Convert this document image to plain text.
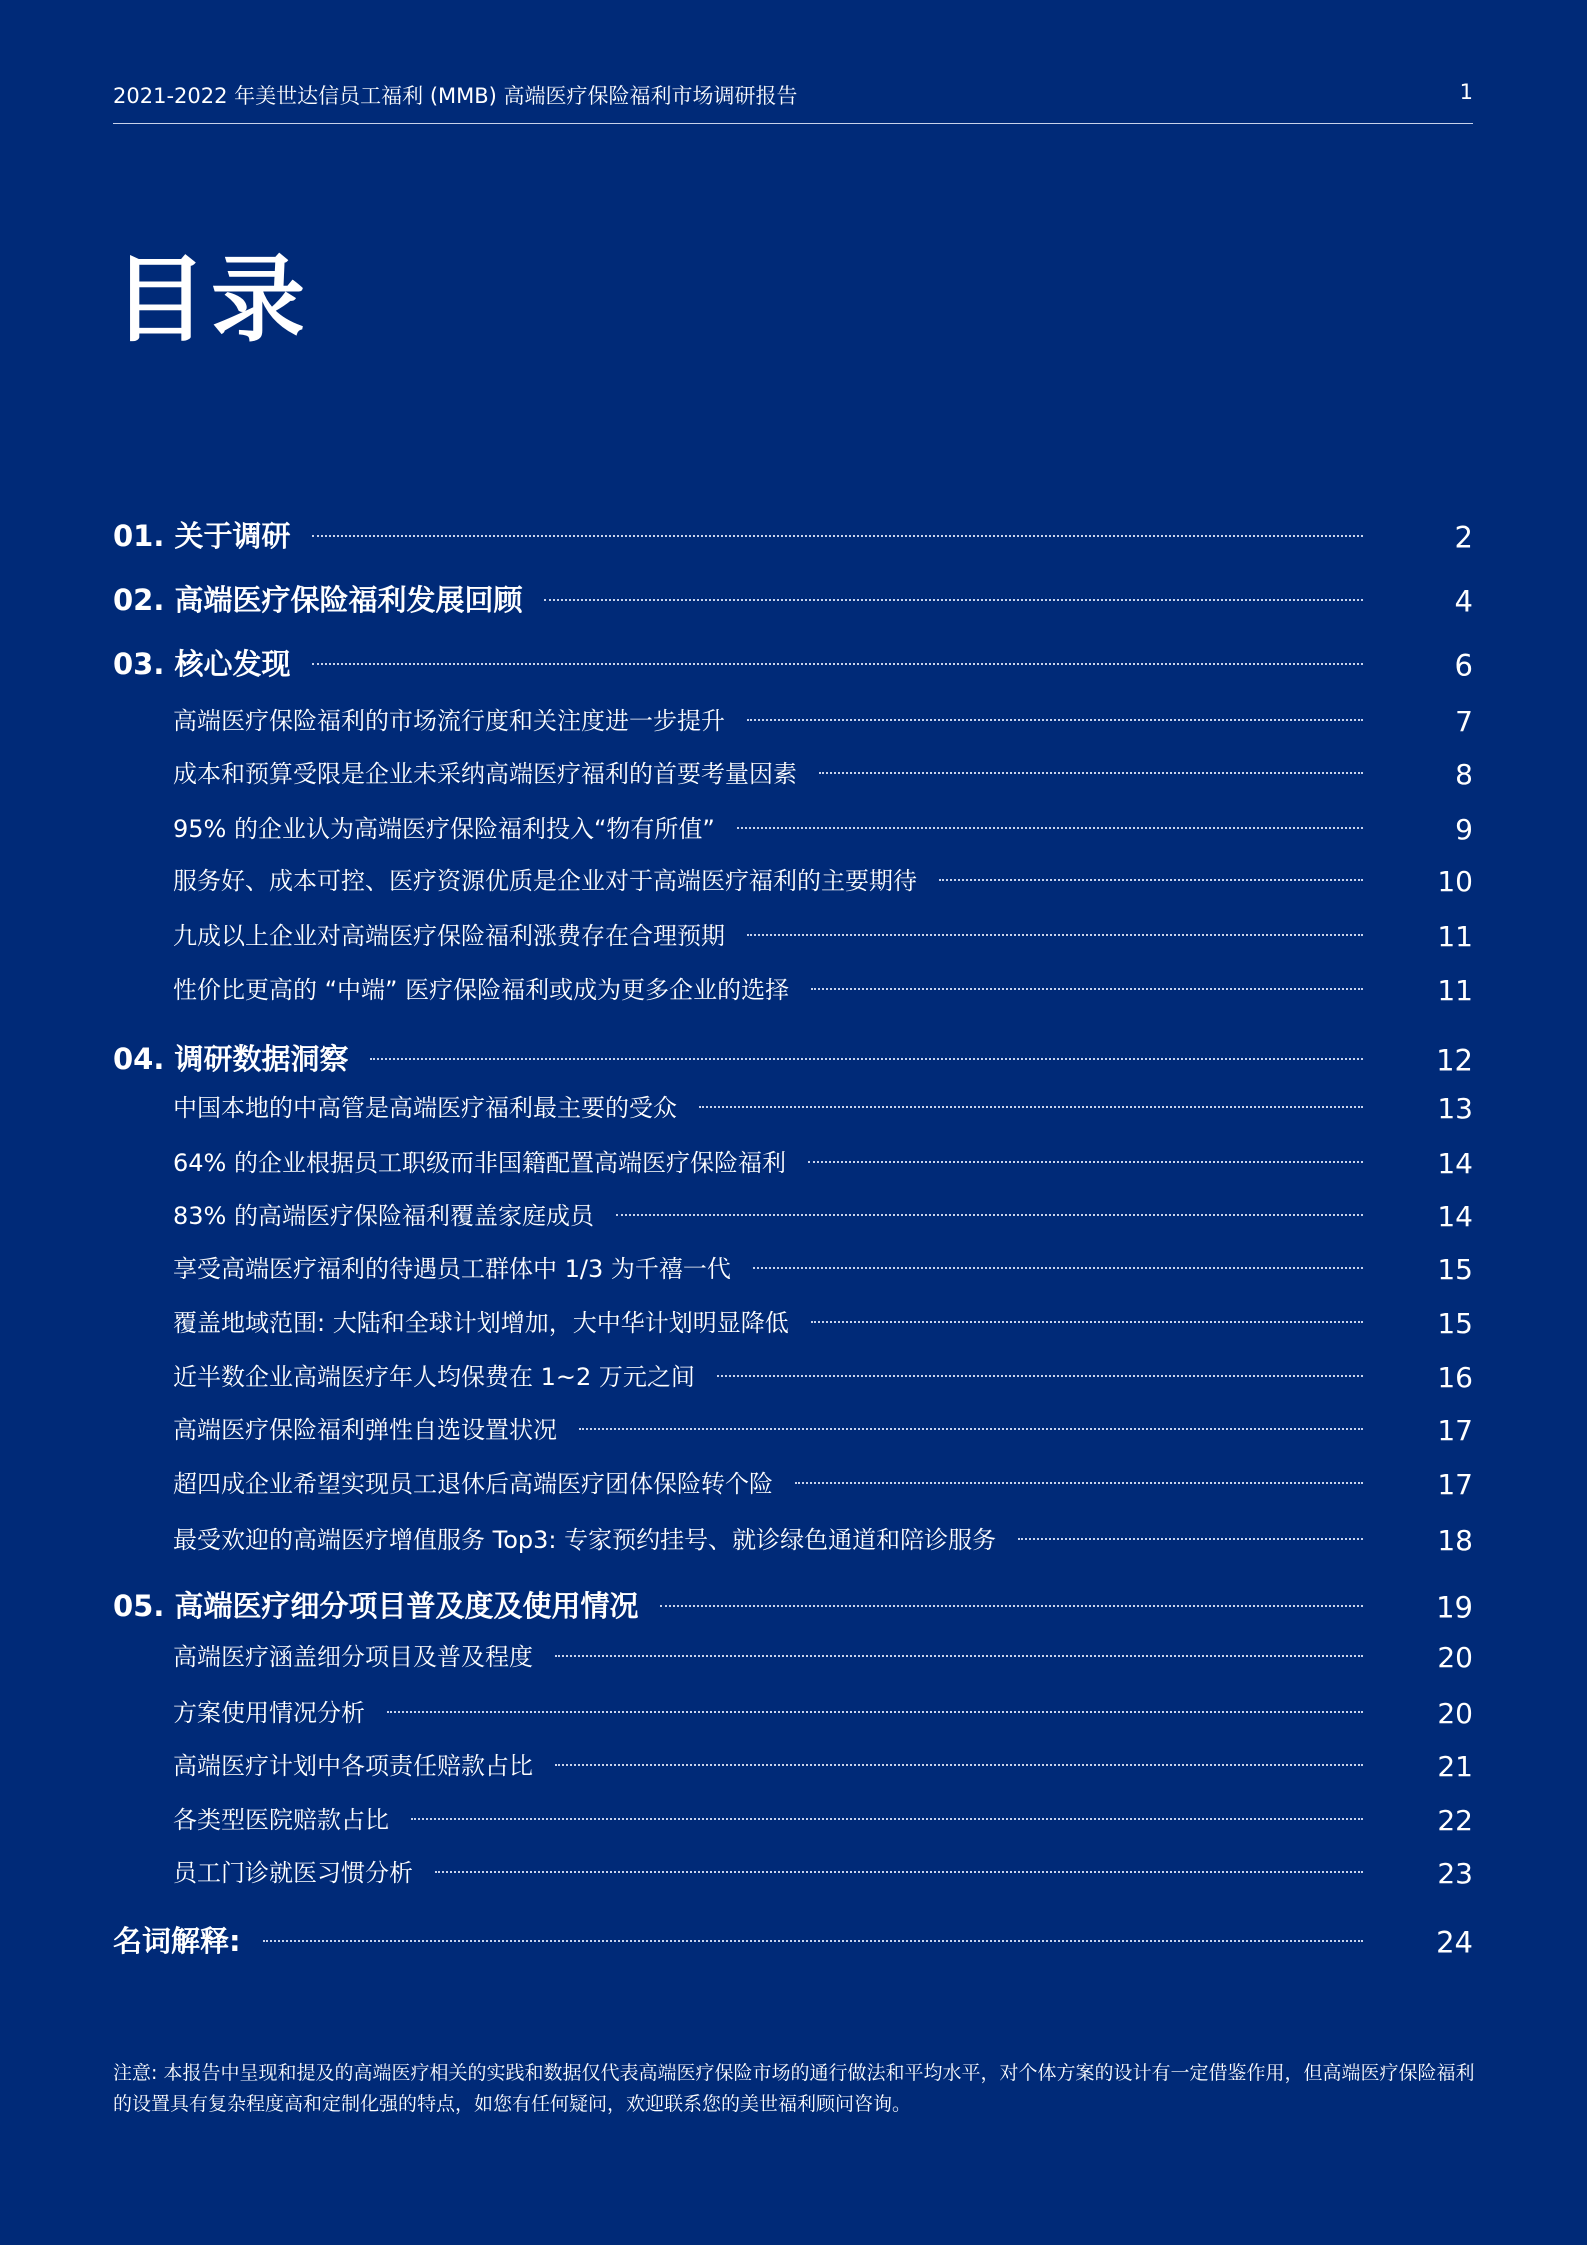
2021-2022 年美世达信员工福利 (MMB) 高端医疗保险福利市场调研报告	1
目录
01. 关于调研	2
02. 高端医疗保险福利发展回顾	4
03. 核心发现	6
高端医疗保险福利的市场流行度和关注度进一步提升	7
成本和预算受限是企业未采纳高端医疗福利的首要考量因素	8
95% 的企业认为高端医疗保险福利投入“物有所值”	9
服务好、成本可控、医疗资源优质是企业对于高端医疗福利的主要期待	10
九成以上企业对高端医疗保险福利涨费存在合理预期	11
性价比更高的 “中端” 医疗保险福利或成为更多企业的选择	11
04. 调研数据洞察	12
中国本地的中高管是高端医疗福利最主要的受众	13
64% 的企业根据员工职级而非国籍配置高端医疗保险福利	14
83% 的高端医疗保险福利覆盖家庭成员	14
享受高端医疗福利的待遇员工群体中 1/3 为千禧一代	15
覆盖地域范围: 大陆和全球计划增加，大中华计划明显降低	15
近半数企业高端医疗年人均保费在 1~2 万元之间	16
高端医疗保险福利弹性自选设置状况	17
超四成企业希望实现员工退休后高端医疗团体保险转个险	17
最受欢迎的高端医疗增值服务 Top3: 专家预约挂号、就诊绿色通道和陪诊服务	18
05. 高端医疗细分项目普及度及使用情况	19
高端医疗涵盖细分项目及普及程度	20
方案使用情况分析	20
高端医疗计划中各项责任赔款占比	21
各类型医院赔款占比	22
员工门诊就医习惯分析	23
名词解释:	24

注意: 本报告中呈现和提及的高端医疗相关的实践和数据仅代表高端医疗保险市场的通行做法和平均水平，对个体方案的设计有一定借鉴作用，但高端医疗保险福利的设置具有复杂程度高和定制化强的特点，如您有任何疑问，欢迎联系您的美世福利顾问咨询。
